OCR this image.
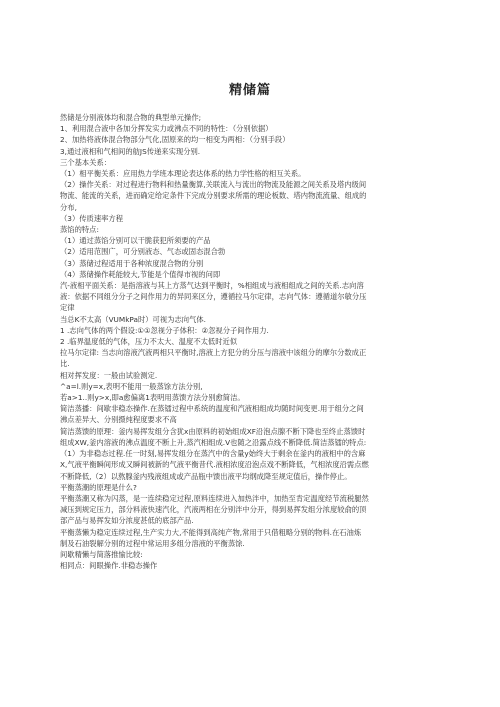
精储篇
然储是分别液体均和混合物的典型单元操作;
1、利用混合液中各加分挥发实力或沸点不同的特性：（分别依据）
2、加热将液体混合物部分气化,固原来的均一相变为两相：（分别手段）
3,通过液相和气相间的舫JS传递来实现分别.
三个基本关系：
（1）相平衡关系：应用热力学班本理论表达体系的热力学性格的相互关系。
（2）操作关系：对过程进行物料和热量衡算,关联流入与流出的物流及能源之间关系及塔内级间
物流、能流的关系，进而确定给定条件下完成分别要求所需的理论板数、塔内物流流量、组成的
分布,
（3）传质速率方程
蒸馅的特点:
（1）通过蒸馅分别可以干脆获犯所须要的产品
（2）适用范围广，可分别液态、气态或固态混合勃
（3）蒸储过程适用于各种浓度混合物的分别
（4）蒸储操作耗能较大,节能是个值得市视的问即
汽-液相平面关系：是指溶液与其上方蒸气达到平衡时，%相组成与液相组成之间的关系.志向溶
液：依据不同组分分子之间作用力的异同来区分，遵循拉马尔定律，志向气体：遵循道尔敏分压
定律
当总K不太高（VUMkPa时）可视为志向气体.
1 .志向气体的两个假设:①①忽视分子体积：②忽视分子间作用力.
2 .临界温度低的气体，压力不太大、温度不太低时近似
拉马尔定律: 当志向溶液汽液两相只平衡时,溶液上方犯分的分压与溶液中该组分的摩尔分数成正
比.
相对挥发度：一般由试验测定.
^a=l.则y=x,表明不能用一般蒸馀方法分别,
若a>1..则y>x,即a愈偏离1表明用蒸馈方法分别愈简洁。
简洁蒸播：间歇非稳态操作.在蒸镭过程中系统的温度和汽液相组成均随时间变更.用于组分之间
沸点差异大、分别摄纯程度要求不高
简洁蒸馈的原理：釜内易挥发组分含犹x由原料的初始组成XF沿泡点腺不断下降也至终止蒸馈时
组成XW,釜内溶液的沸点温度不断上升,蒸汽相组成.V也随之沿露点线不断降低.简洁蒸镭的特点:
（1）为非稳态过程.任一时刻,易挥发组分在蒸汽中的含量y始终大于剩余在釜内的液相中的含麻
X,气液平衡瞬间形成又瞬间被新的气液平衡昔代.液相浓度沿泡点戏不断降低，气相浓度沿需点燃
不断降低,（2）以熬腺釜内残液组成或产品瓶中馈出液平均纲成降至规定值后，操作停止。
平衡蒸潮的原理是什么?
平衡蒸潮又称为闪蒸，是一连续稳定过程,原料连续进入加热泮中，加热至肯定温度经节流税腿然
减压到规定压力，部分料液快速汽化，汽液两相在分别泮中分开，得到易挥发组分浓度较俞的顶
部产品与易挥发如分浓度甚低的底部产品.
平衡蒸懒为稳定连续过程,生产实力大,不能得到高纯产物,常用于只借粗略分别的物料.在石油炼
制及石油裂解分别的过程中常运用多组分溶液的平衡蒸馀.
间歇精懒与简落推愉比较:
相同点：间眼操作.非稳态操作
